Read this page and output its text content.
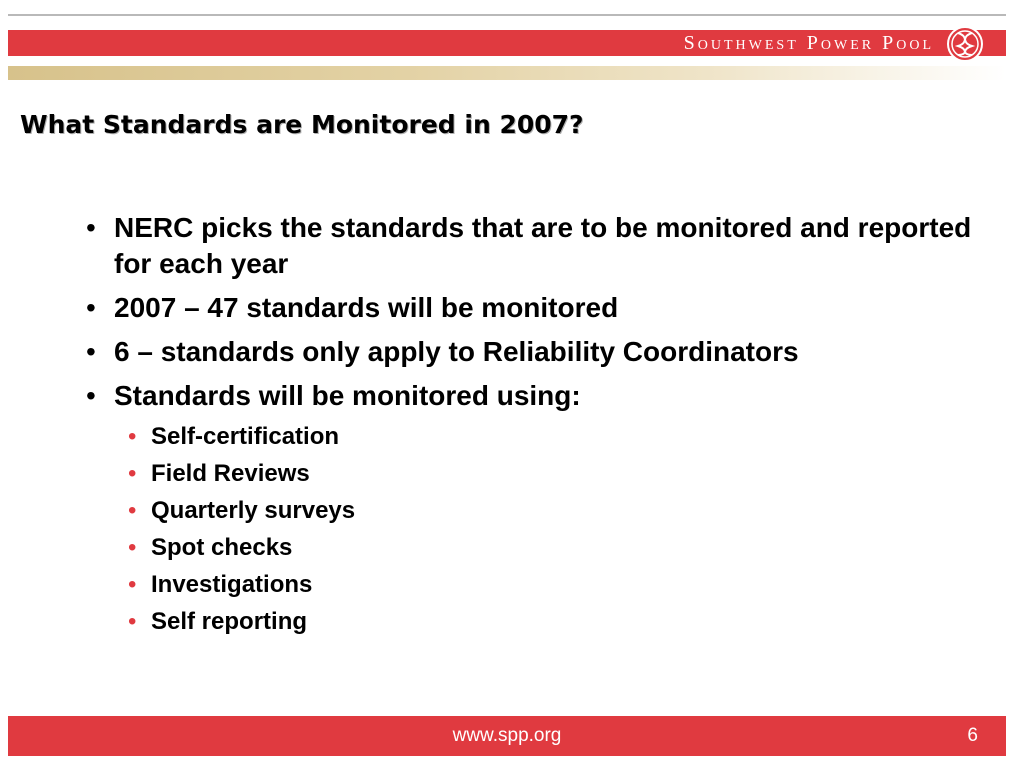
Southwest Power Pool
What Standards are Monitored in 2007?
• NERC picks the standards that are to be monitored and reported for each year
• 2007 – 47 standards will be monitored
• 6 – standards only apply to Reliability Coordinators
• Standards will be monitored using:
• Self-certification
• Field Reviews
• Quarterly surveys
• Spot checks
• Investigations
• Self reporting
www.spp.org	6
